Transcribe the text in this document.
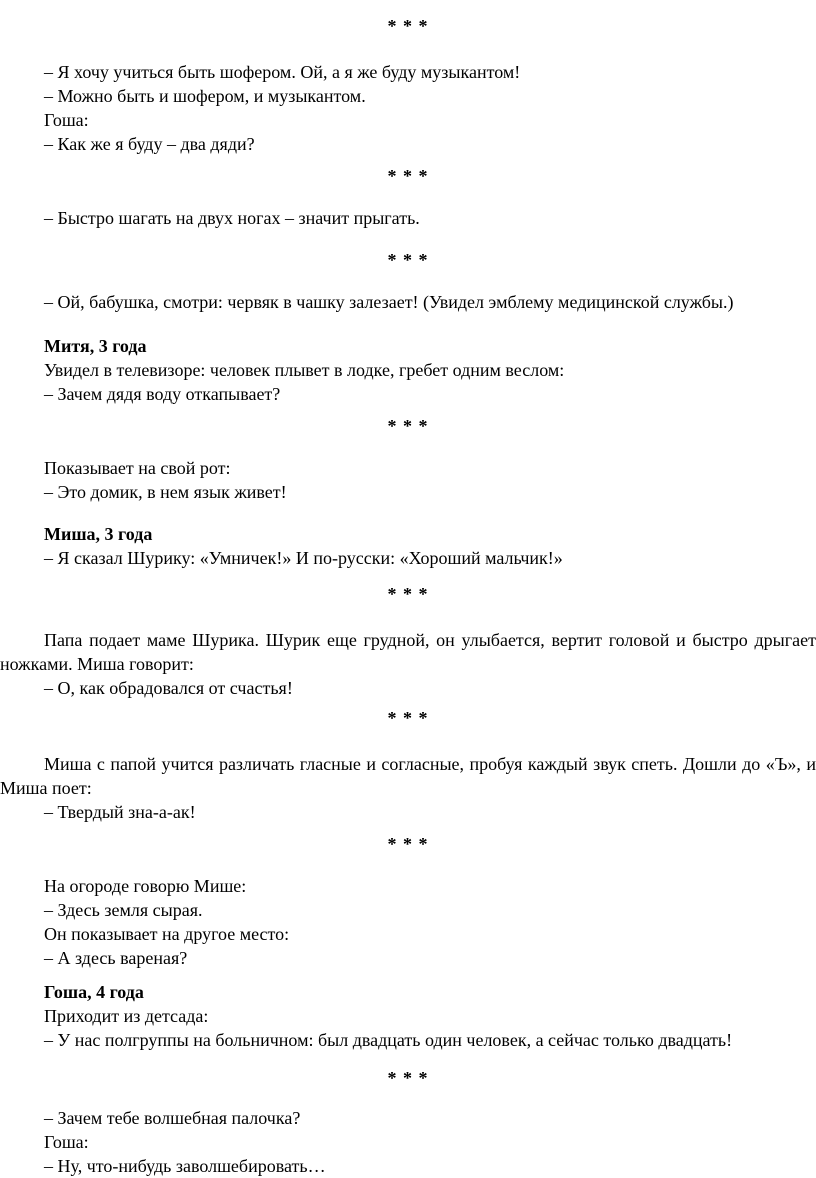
* * *
– Я хочу учиться быть шофером. Ой, а я же буду музыкантом!
– Можно быть и шофером, и музыкантом.
Гоша:
– Как же я буду – два дяди?
* * *
– Быстро шагать на двух ногах – значит прыгать.
* * *
– Ой, бабушка, смотри: червяк в чашку залезает! (Увидел эмблему медицинской службы.)
Митя, 3 года
Увидел в телевизоре: человек плывет в лодке, гребет одним веслом:
– Зачем дядя воду откапывает?
* * *
Показывает на свой рот:
– Это домик, в нем язык живет!
Миша, 3 года
– Я сказал Шурику: «Умничек!» И по-русски: «Хороший мальчик!»
* * *
Папа подает маме Шурика. Шурик еще грудной, он улыбается, вертит головой и быстро дрыгает
ножками. Миша говорит:
– О, как обрадовался от счастья!
* * *
Миша с папой учится различать гласные и согласные, пробуя каждый звук спеть. Дошли до «Ъ», и
Миша поет:
– Твердый зна-а-ак!
* * *
На огороде говорю Мише:
– Здесь земля сырая.
Он показывает на другое место:
– А здесь вареная?
Гоша, 4 года
Приходит из детсада:
– У нас полгруппы на больничном: был двадцать один человек, а сейчас только двадцать!
* * *
– Зачем тебе волшебная палочка?
Гоша:
– Ну, что-нибудь заволшебировать…
